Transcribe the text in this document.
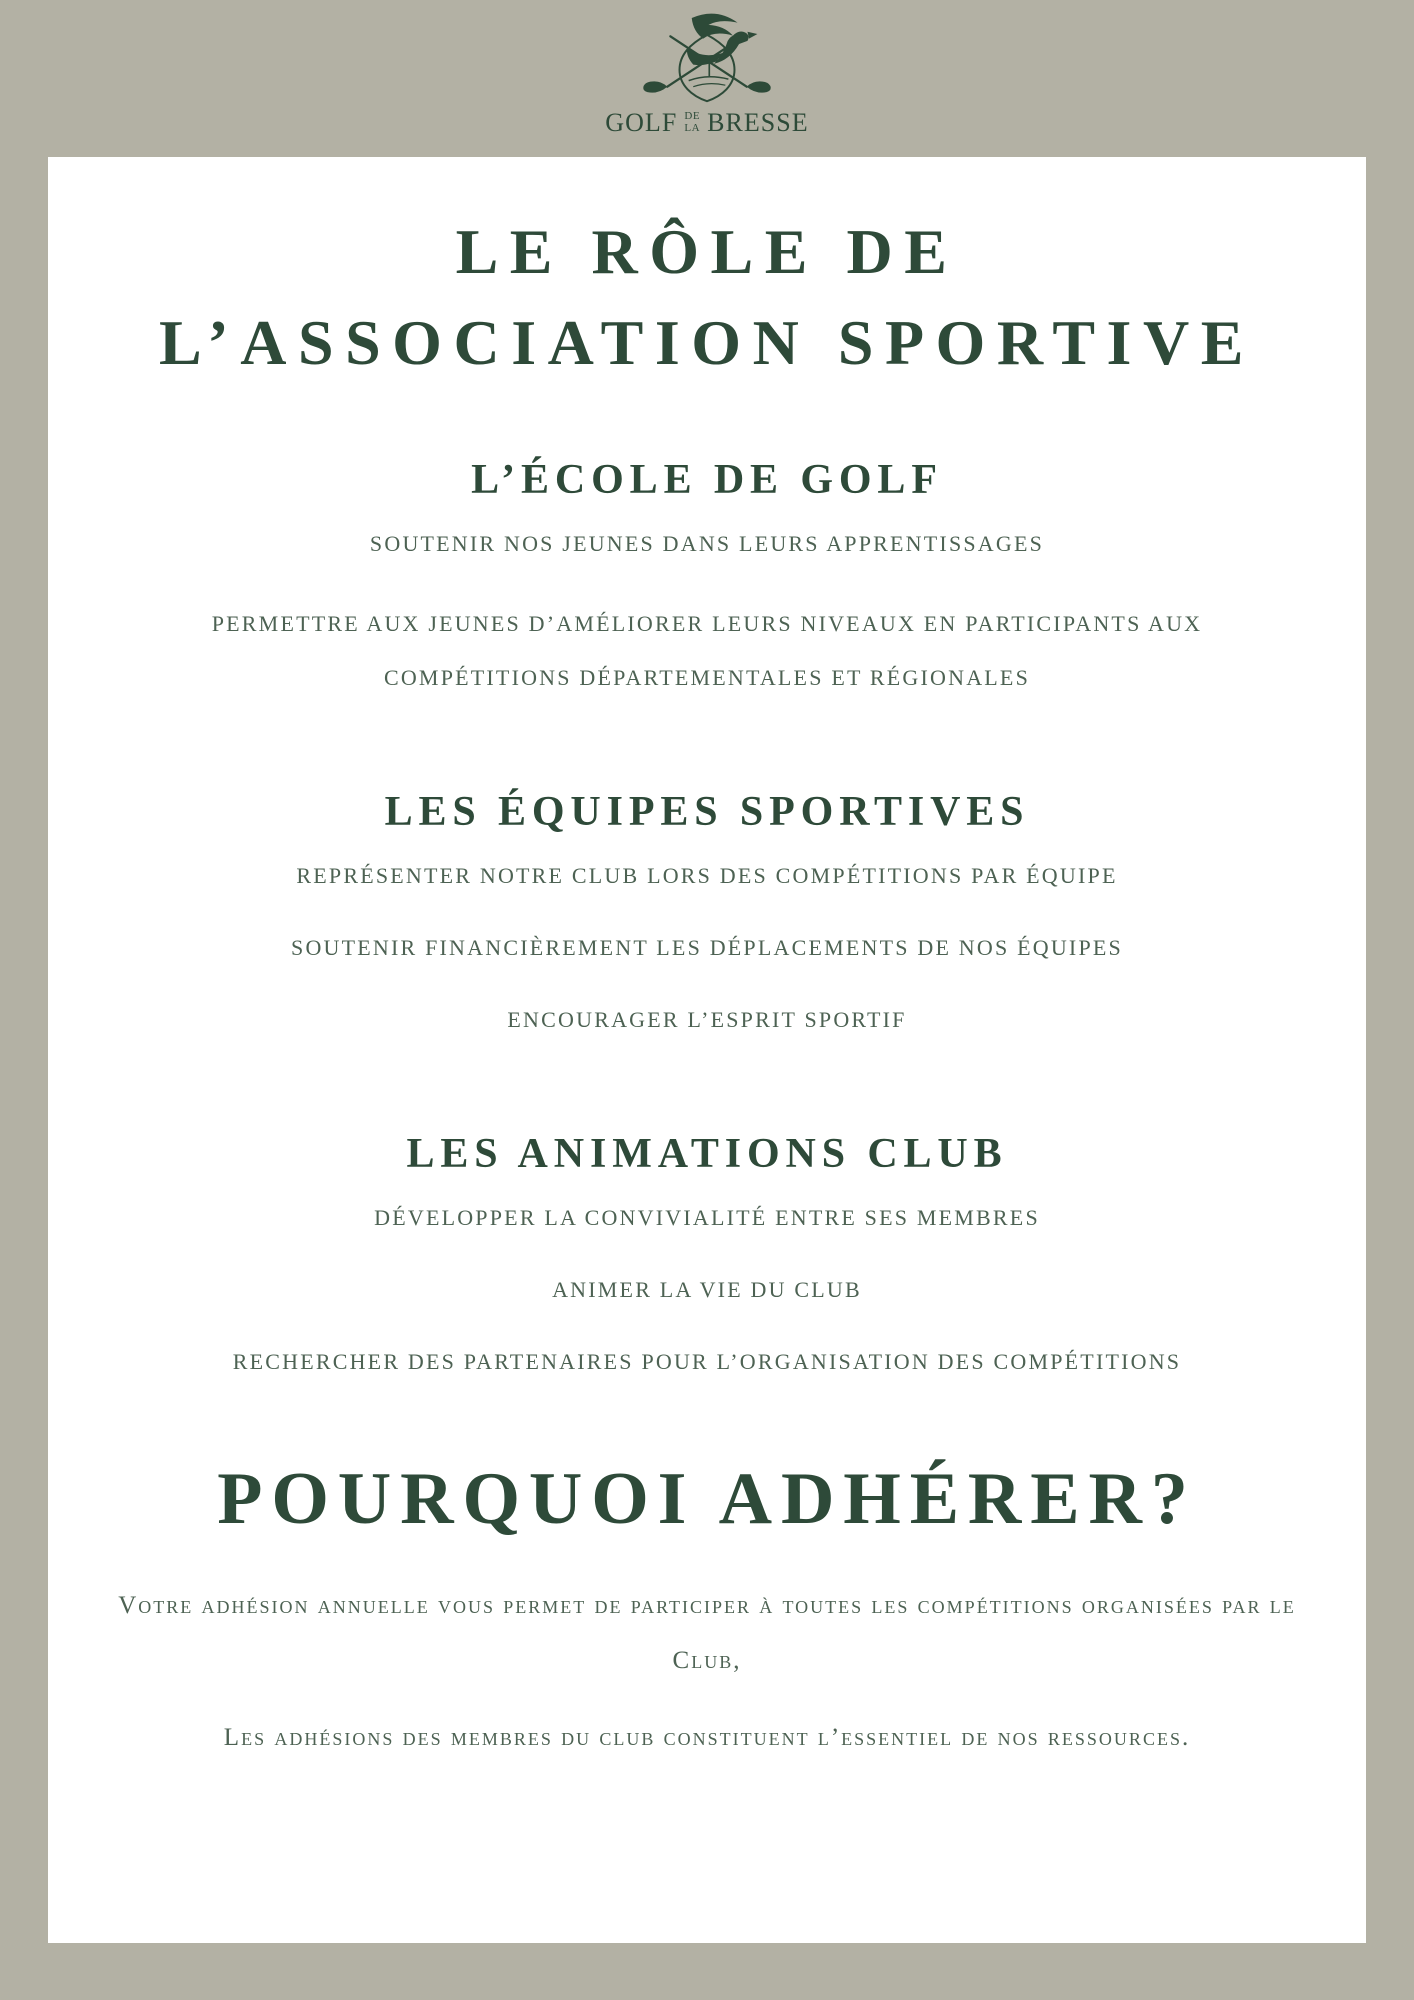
GOLF DE
LA BRESSE
LE RÔLE DE
L’ASSOCIATION SPORTIVE
L’ÉCOLE DE GOLF

SOUTENIR NOS JEUNES DANS LEURS APPRENTISSAGES

PERMETTRE AUX JEUNES D’AMÉLIORER LEURS NIVEAUX EN PARTICIPANTS AUX COMPÉTITIONS DÉPARTEMENTALES ET RÉGIONALES

LES ÉQUIPES SPORTIVES

REPRÉSENTER NOTRE CLUB LORS DES COMPÉTITIONS PAR ÉQUIPE

SOUTENIR FINANCIÈREMENT LES DÉPLACEMENTS DE NOS ÉQUIPES

ENCOURAGER L’ESPRIT SPORTIF

LES ANIMATIONS CLUB

DÉVELOPPER LA CONVIVIALITÉ ENTRE SES MEMBRES

ANIMER LA VIE DU CLUB

RECHERCHER DES PARTENAIRES POUR L’ORGANISATION DES COMPÉTITIONS

POURQUOI ADHÉRER?

Votre adhésion annuelle vous permet de participer à toutes les compétitions organisées par le Club,

Les adhésions des membres du club constituent l’essentiel de nos ressources.
